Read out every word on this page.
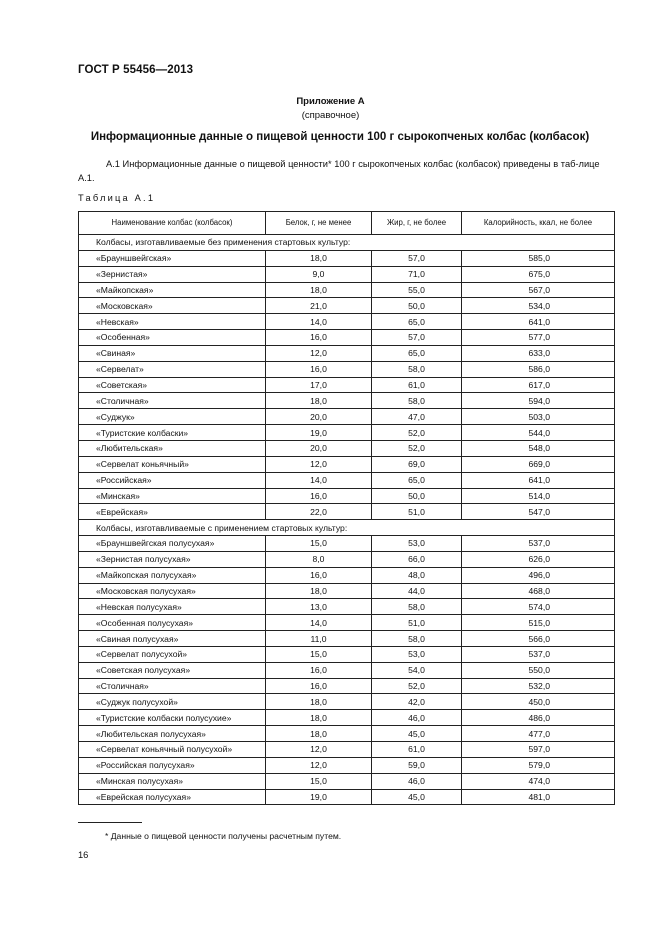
ГОСТ Р 55456—2013
Приложение А
(справочное)
Информационные данные о пищевой ценности 100 г сырокопченых колбас (колбасок)
А.1 Информационные данные о пищевой ценности* 100 г сырокопченых колбас (колбасок) приведены в таб-лице А.1.
Таблица А.1
Наименование колбас (колбасок)	Белок, г, не менее	Жир, г, не более	Калорийность, ккал, не более
Колбасы, изготавливаемые без применения стартовых культур:			
«Брауншвейгская»	18,0	57,0	585,0
«Зернистая»	9,0	71,0	675,0
«Майкопская»	18,0	55,0	567,0
«Московская»	21,0	50,0	534,0
«Невская»	14,0	65,0	641,0
«Особенная»	16,0	57,0	577,0
«Свиная»	12,0	65,0	633,0
«Сервелат»	16,0	58,0	586,0
«Советская»	17,0	61,0	617,0
«Столичная»	18,0	58,0	594,0
«Суджук»	20,0	47,0	503,0
«Туристские колбаски»	19,0	52,0	544,0
«Любительская»	20,0	52,0	548,0
«Сервелат коньячный»	12,0	69,0	669,0
«Российская»	14,0	65,0	641,0
«Минская»	16,0	50,0	514,0
«Еврейская»	22,0	51,0	547,0
Колбасы, изготавливаемые с применением стартовых культур:			
«Брауншвейгская полусухая»	15,0	53,0	537,0
«Зернистая полусухая»	8,0	66,0	626,0
«Майкопская полусухая»	16,0	48,0	496,0
«Московская полусухая»	18,0	44,0	468,0
«Невская полусухая»	13,0	58,0	574,0
«Особенная полусухая»	14,0	51,0	515,0
«Свиная полусухая»	11,0	58,0	566,0
«Сервелат полусухой»	15,0	53,0	537,0
«Советская полусухая»	16,0	54,0	550,0
«Столичная»	16,0	52,0	532,0
«Суджук полусухой»	18,0	42,0	450,0
«Туристские колбаски полусухие»	18,0	46,0	486,0
«Любительская полусухая»	18,0	45,0	477,0
«Сервелат коньячный полусухой»	12,0	61,0	597,0
«Российская полусухая»	12,0	59,0	579,0
«Минская полусухая»	15,0	46,0	474,0
«Еврейская полусухая»	19,0	45,0	481,0
* Данные о пищевой ценности получены расчетным путем.
16
